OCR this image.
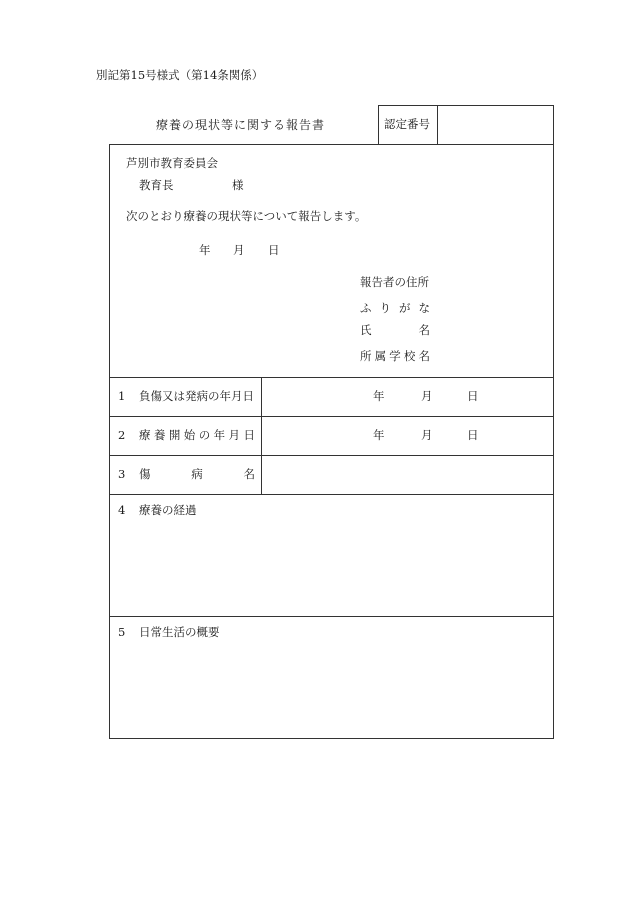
別記第15号様式（第14条関係）
療養の現状等に関する報告書	認定番号
芦別市教育委員会
教育長	様
次のとおり療養の現状等について報告します。
年 月 日
報告者の住所
ふ り が な
氏	名
所 属 学 校 名
1 負傷又は発病の年月日	年	月	日
2 療 養 開 始 の 年 月 日	年	月	日
3 傷	病	名
4 療養の経過
5 日常生活の概要
